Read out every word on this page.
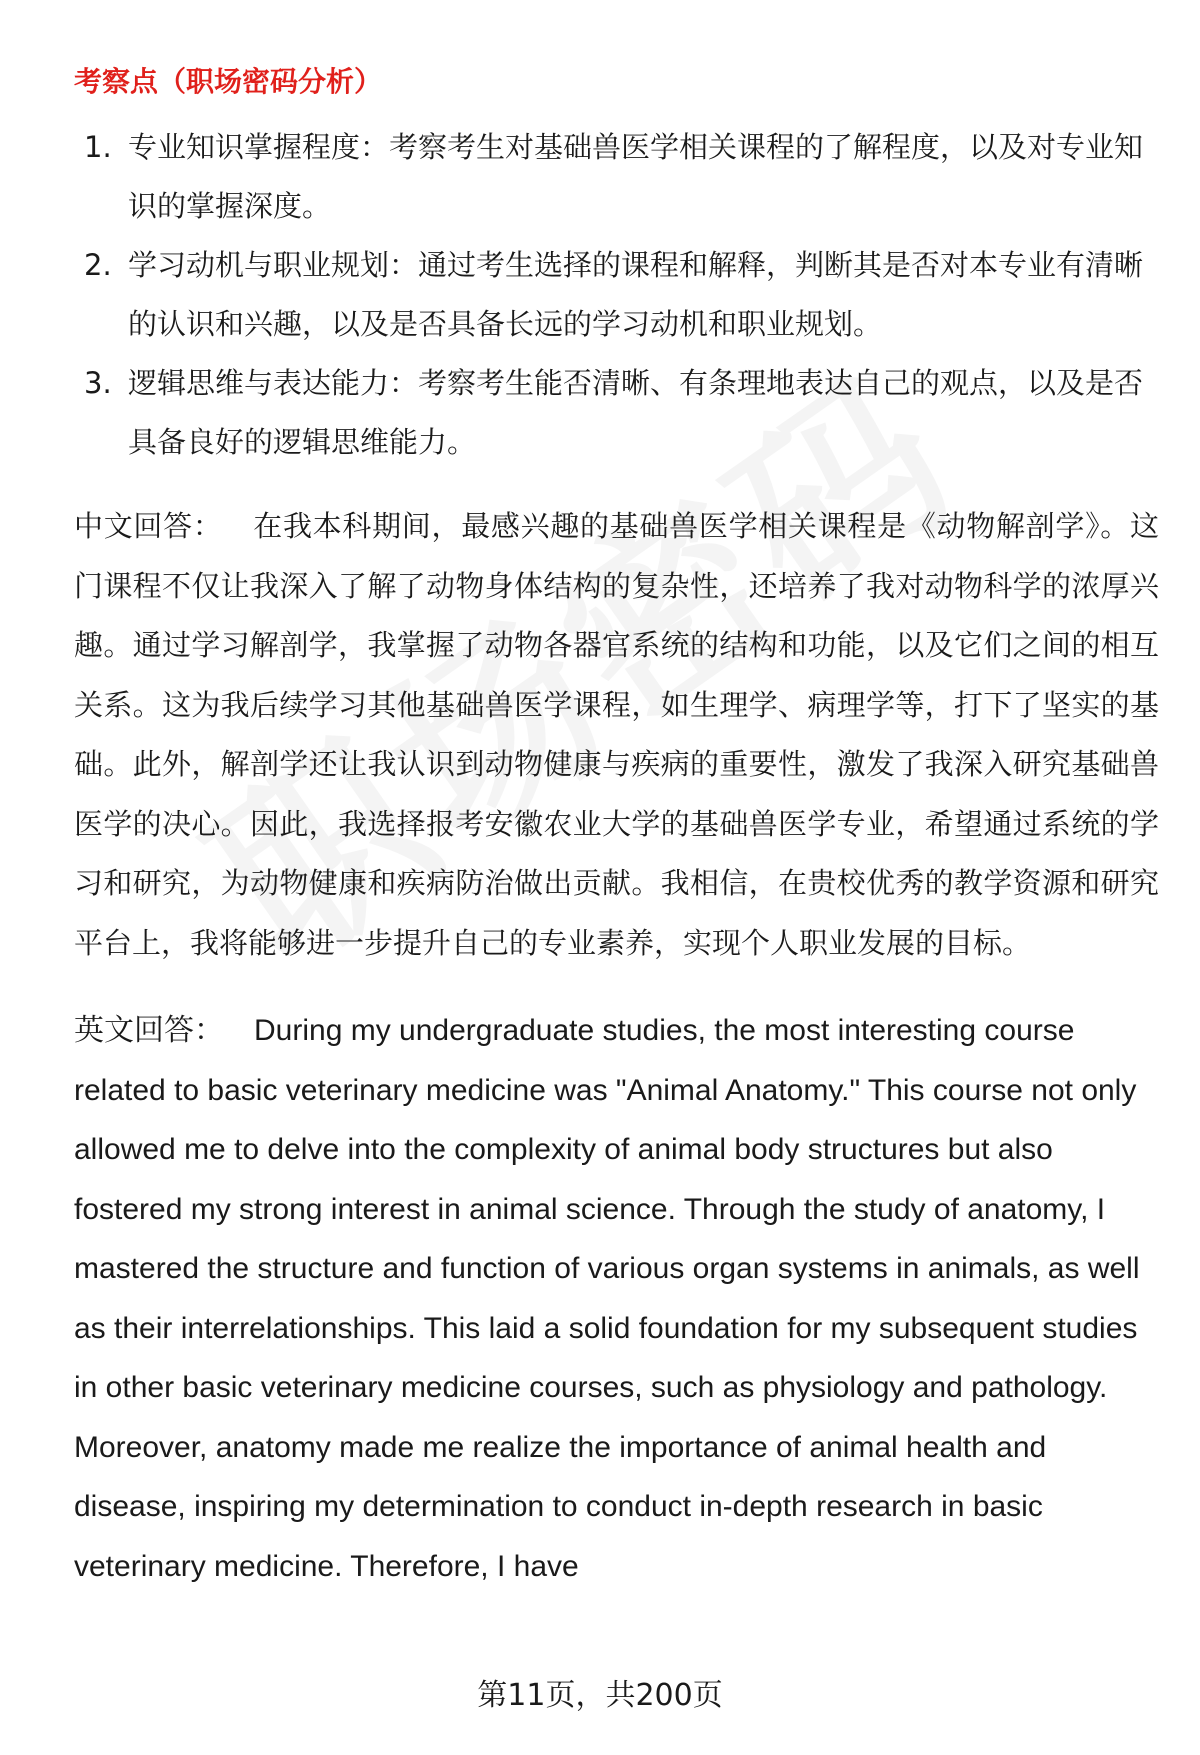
考察点（职场密码分析）
1. 专业知识掌握程度：考察考生对基础兽医学相关课程的了解程度，以及对专业知识的掌握深度。
2. 学习动机与职业规划：通过考生选择的课程和解释，判断其是否对本专业有清晰的认识和兴趣，以及是否具备长远的学习动机和职业规划。
3. 逻辑思维与表达能力：考察考生能否清晰、有条理地表达自己的观点，以及是否具备良好的逻辑思维能力。

中文回答： 在我本科期间，最感兴趣的基础兽医学相关课程是《动物解剖学》。这门课程不仅让我深入了解了动物身体结构的复杂性，还培养了我对动物科学的浓厚兴趣。通过学习解剖学，我掌握了动物各器官系统的结构和功能，以及它们之间的相互关系。这为我后续学习其他基础兽医学课程，如生理学、病理学等，打下了坚实的基础。此外，解剖学还让我认识到动物健康与疾病的重要性，激发了我深入研究基础兽医学的决心。因此，我选择报考安徽农业大学的基础兽医学专业，希望通过系统的学习和研究，为动物健康和疾病防治做出贡献。我相信，在贵校优秀的教学资源和研究平台上，我将能够进一步提升自己的专业素养，实现个人职业发展的目标。

英文回答： During my undergraduate studies, the most interesting course related to basic veterinary medicine was "Animal Anatomy." This course not only allowed me to delve into the complexity of animal body structures but also fostered my strong interest in animal science. Through the study of anatomy, I mastered the structure and function of various organ systems in animals, as well as their interrelationships. This laid a solid foundation for my subsequent studies in other basic veterinary medicine courses, such as physiology and pathology. Moreover, anatomy made me realize the importance of animal health and disease, inspiring my determination to conduct in-depth research in basic veterinary medicine. Therefore, I have

第11页，共200页
